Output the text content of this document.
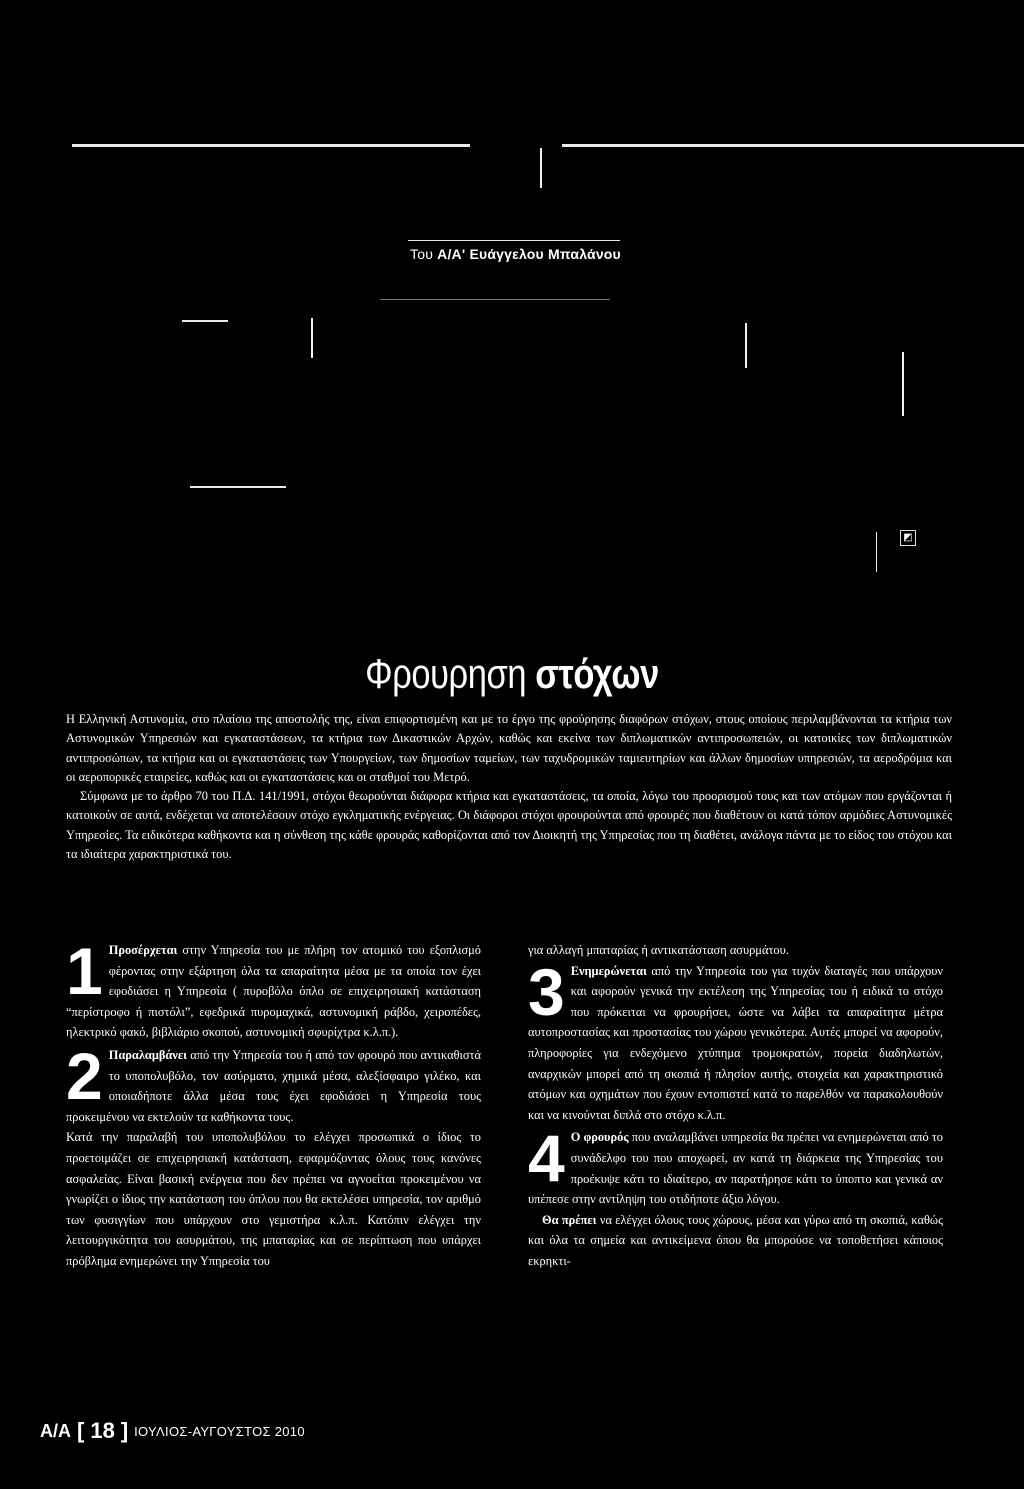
◩
Του Α/Α' Ευάγγελου Μπαλάνου
Φρουρηση στόχων

Η Ελληνική Αστυνομία, στο πλαίσιο της αποστολής της, είναι επιφορτισμένη και με το έργο της φρούρησης διαφόρων στόχων, στους οποίους περιλαμβάνονται τα κτήρια των Αστυνομικών Υπηρεσιών και εγκαταστάσεων, τα κτήρια των Δικαστικών Αρχών, καθώς και εκείνα των διπλωματικών αντιπροσωπειών, οι κατοικίες των διπλωματικών αντιπροσώπων, τα κτήρια και οι εγκαταστάσεις των Υπουργείων, των δημοσίων ταμείων, των ταχυδρομικών ταμιευτηρίων και άλλων δημοσίων υπηρεσιών, τα αεροδρόμια και οι αεροπορικές εταιρείες, καθώς και οι εγκαταστάσεις και οι σταθμοί του Μετρό.

Σύμφωνα με το άρθρο 70 του Π.Δ. 141/1991, στόχοι θεωρούνται διάφορα κτήρια και εγκαταστάσεις, τα οποία, λόγω του προορισμού τους και των ατόμων που εργάζονται ή κατοικούν σε αυτά, ενδέχεται να αποτελέσουν στόχο εγκληματικής ενέργειας. Οι διάφοροι στόχοι φρουρούνται από φρουρές που διαθέτουν οι κατά τόπον αρμόδιες Αστυνομικές Υπηρεσίες. Τα ειδικότερα καθήκοντα και η σύνθεση της κάθε φρουράς καθορίζονται από τον Διοικητή της Υπηρεσίας που τη διαθέτει, ανάλογα πάντα με το είδος του στόχου και τα ιδιαίτερα χαρακτηριστικά του.

1 Προσέρχεται στην Υπηρεσία του με πλήρη τον ατομικό του εξοπλισμό φέροντας στην εξάρτηση όλα τα απαραίτητα μέσα με τα οποία τον έχει εφοδιάσει η Υπηρεσία ( πυροβόλο όπλο σε επιχειρησιακή κατάσταση “περίστροφο ή πιστόλι”, εφεδρικά πυρομαχικά, αστυνομική ράβδο, χειροπέδες, ηλεκτρικό φακό, βιβλιάριο σκοπού, αστυνομική σφυρίχτρα κ.λ.π.).
2 Παραλαμβάνει από την Υπηρεσία του ή από τον φρουρό που αντικαθιστά το υποπολυβόλο, τον ασύρματο, χημικά μέσα, αλεξίσφαιρο γιλέκο, και οποιαδήποτε άλλα μέσα τους έχει εφοδιάσει η Υπηρεσία τους προκειμένου να εκτελούν τα καθήκοντα τους.

Κατά την παραλαβή του υποπολυβόλου το ελέγχει προσωπικά ο ίδιος το προετοιμάζει σε επιχειρησιακή κατάσταση, εφαρμόζοντας όλους τους κανόνες ασφαλείας. Είναι βασική ενέργεια που δεν πρέπει να αγνοείται προκειμένου να γνωρίζει ο ίδιος την κατάσταση του όπλου που θα εκτελέσει υπηρεσία, τον αριθμό των φυσιγγίων που υπάρχουν στο γεμιστήρα κ.λ.π. Κατόπιν ελέγχει την λειτουργικότητα του ασυρμάτου, της μπαταρίας και σε περίπτωση που υπάρχει πρόβλημα ενημερώνει την Υπηρεσία του

για αλλαγή μπαταρίας ή αντικατάσταση ασυρμάτου.

3 Ενημερώνεται από την Υπηρεσία του για τυχόν διαταγές που υπάρχουν και αφορούν γενικά την εκτέλεση της Υπηρεσίας του ή ειδικά το στόχο που πρόκειται να φρουρήσει, ώστε να λάβει τα απαραίτητα μέτρα αυτοπροστασίας και προστασίας του χώρου γενικότερα. Αυτές μπορεί να αφορούν, πληροφορίες για ενδεχόμενο χτύπημα τρομοκρατών, πορεία διαδηλωτών, αναρχικών μπορεί από τη σκοπιά ή πλησίον αυτής, στοιχεία και χαρακτηριστικό ατόμων και οχημάτων που έχουν εντοπιστεί κατά το παρελθόν να παρακολουθούν και να κινούνται διπλά στο στόχο κ.λ.π.
4 Ο φρουρός που αναλαμβάνει υπηρεσία θα πρέπει να ενημερώνεται από το συνάδελφο του που αποχωρεί, αν κατά τη διάρκεια της Υπηρεσίας του προέκυψε κάτι το ιδιαίτερο, αν παρατήρησε κάτι το ύποπτο και γενικά αν υπέπεσε στην αντίληψη του οτιδήποτε άξιο λόγου.

Θα πρέπει να ελέγχει όλους τους χώρους, μέσα και γύρω από τη σκοπιά, καθώς και όλα τα σημεία και αντικείμενα όπου θα μπορούσε να τοποθετήσει κάποιος εκρηκτι-

Α/Α [ 18 ] ΙΟΥΛΙΟΣ-ΑΥΓΟΥΣΤΟΣ 2010
